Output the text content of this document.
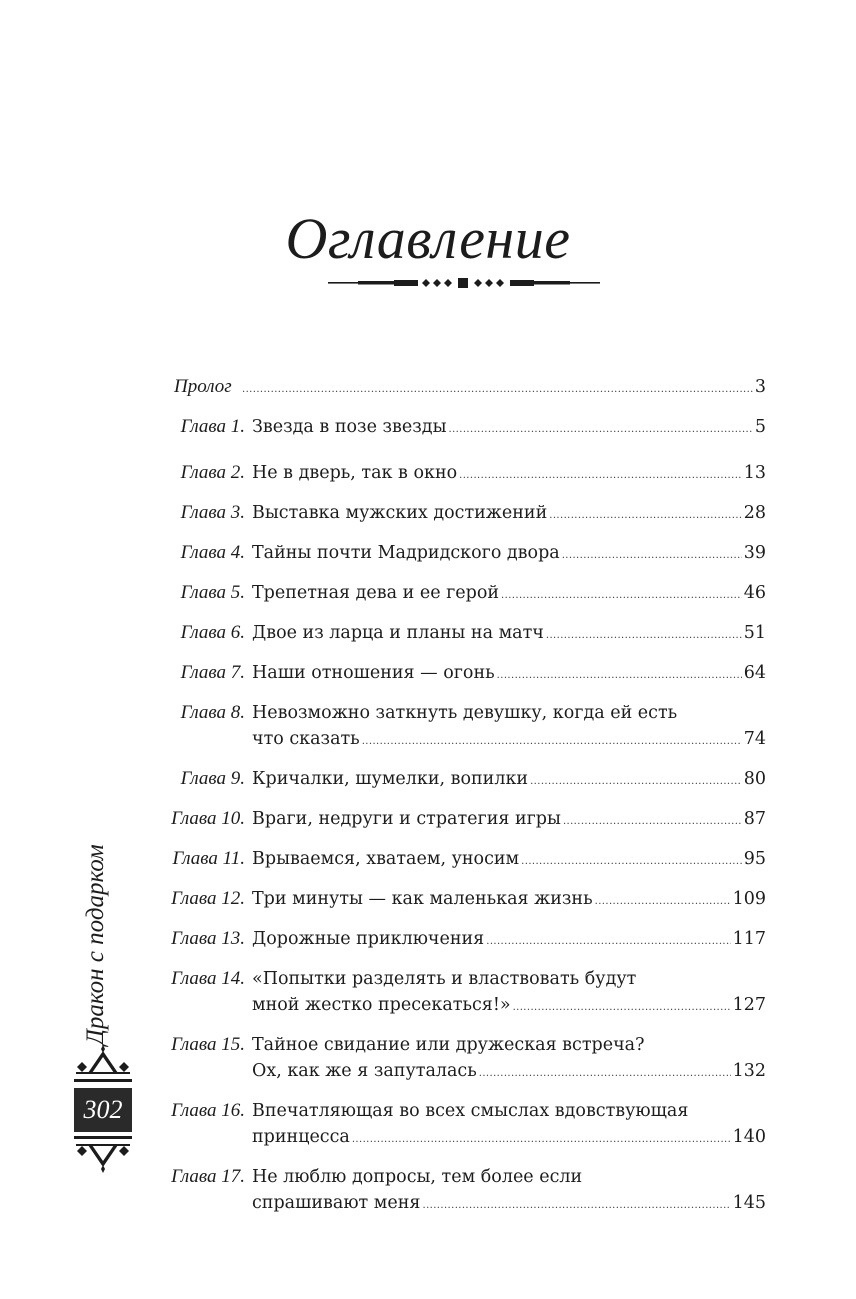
Оглавление
Пролог .....	3
Глава 1. Звезда в позе звезды .....	5
Глава 2. Не в дверь, так в окно .....	13
Глава 3. Выставка мужских достижений .....	28
Глава 4. Тайны почти Мадридского двора .....	39
Глава 5. Трепетная дева и ее герой .....	46
Глава 6. Двое из ларца и планы на матч .....	51
Глава 7. Наши отношения — огонь .....	64
Глава 8. Невозможно заткнуть девушку, когда ей есть
что сказать .....	74
Глава 9. Кричалки, шумелки, вопилки .....	80
Глава 10. Враги, недруги и стратегия игры .....	87
Глава 11. Врываемся, хватаем, уносим .....	95
Глава 12. Три минуты — как маленькая жизнь .....	109
Глава 13. Дорожные приключения .....	117
Глава 14. «Попытки разделять и властвовать будут
мной жестко пресекаться!» .....	127
Глава 15. Тайное свидание или дружеская встреча?
Ох, как же я запуталась .....	132
Глава 16. Впечатляющая во всех смыслах вдовствующая
принцесса .....	140
Глава 17. Не люблю допросы, тем более если
спрашивают меня .....	145
Дракон с подарком
302
